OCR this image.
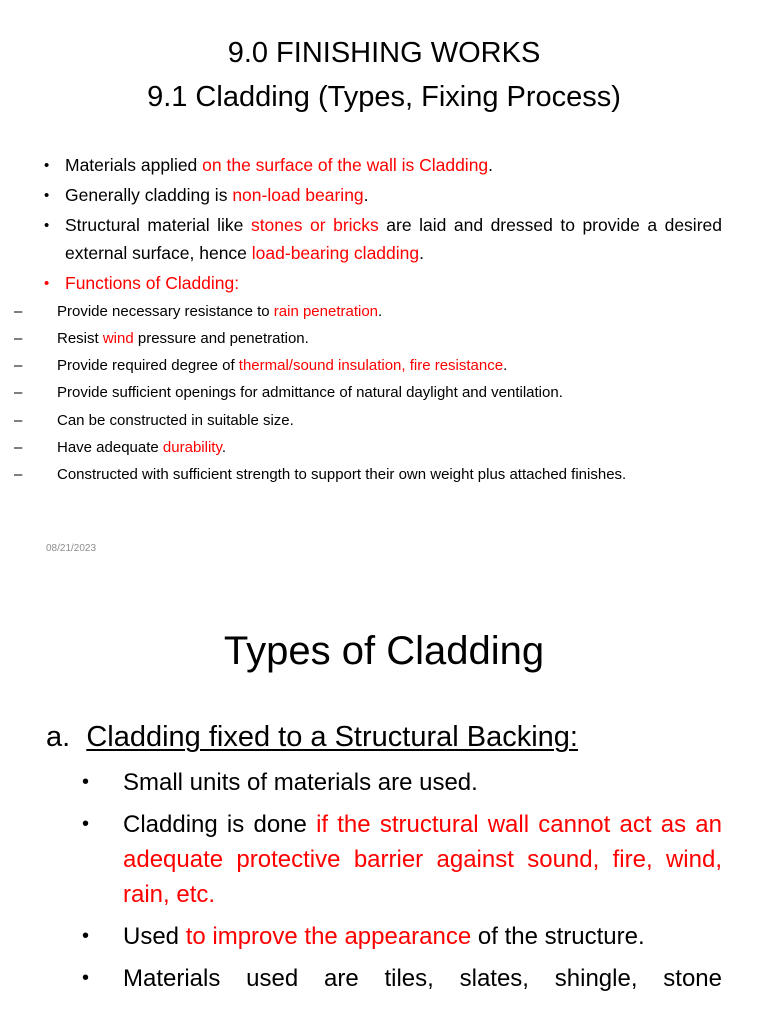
9.0 FINISHING WORKS
9.1 Cladding (Types, Fixing Process)
• Materials applied on the surface of the wall is Cladding.
• Generally cladding is non-load bearing.
• Structural material like stones or bricks are laid and dressed to provide a desired external surface, hence load-bearing cladding.
• Functions of Cladding:
– Provide necessary resistance to rain penetration.
– Resist wind pressure and penetration.
– Provide required degree of thermal/sound insulation, fire resistance.
– Provide sufficient openings for admittance of natural daylight and ventilation.
– Can be constructed in suitable size.
– Have adequate durability.
– Constructed with sufficient strength to support their own weight plus attached finishes.
08/21/2023
Types of Cladding
a. Cladding fixed to a Structural Backing:
• Small units of materials are used.
• Cladding is done if the structural wall cannot act as an adequate protective barrier against sound, fire, wind, rain, etc.
• Used to improve the appearance of the structure.
• Materials used are tiles, slates, shingle, stone
